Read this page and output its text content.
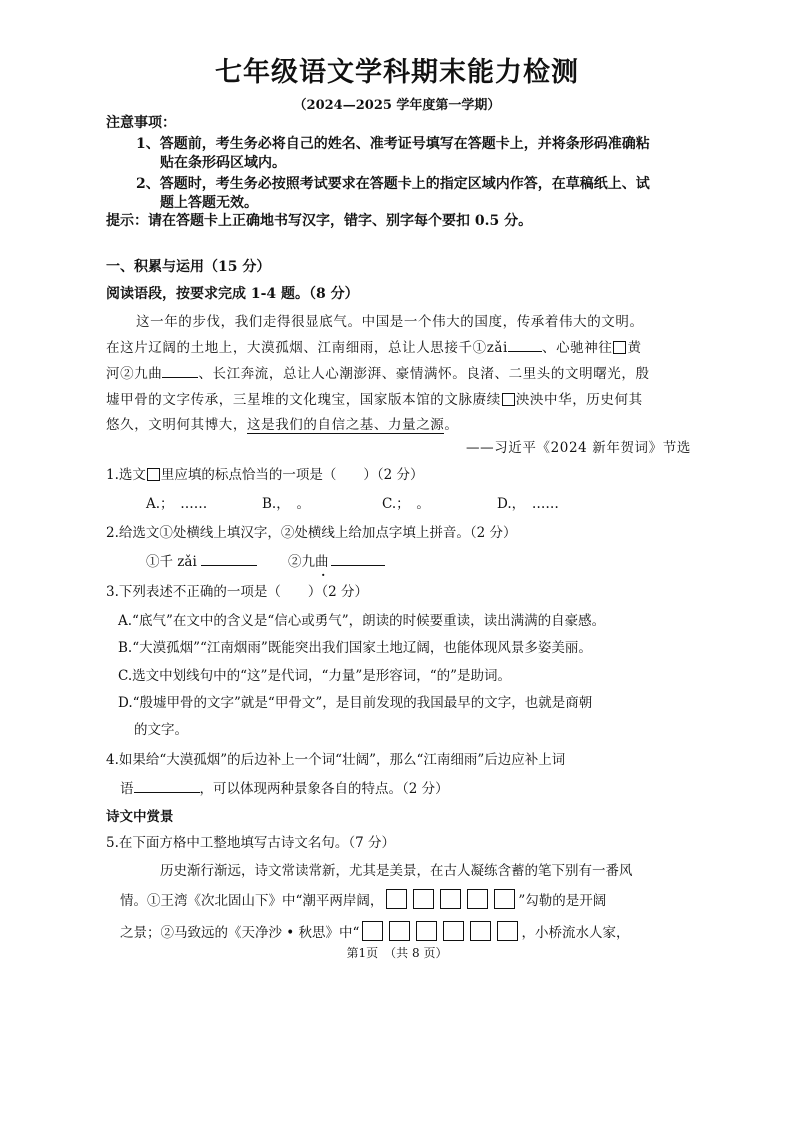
七年级语文学科期末能力检测
（2024—2025 学年度第一学期）
注意事项：
1、答题前，考生务必将自己的姓名、准考证号填写在答题卡上，并将条形码准确粘
贴在条形码区域内。
2、答题时，考生务必按照考试要求在答题卡上的指定区域内作答，在草稿纸上、试
题上答题无效。
提示：请在答题卡上正确地书写汉字，错字、别字每个要扣 0.5 分。
一、积累与运用（15 分）
阅读语段，按要求完成 1-4 题。（8 分）
这一年的步伐，我们走得很显底气。中国是一个伟大的国度，传承着伟大的文明。
在这片辽阔的土地上，大漠孤烟、江南细雨，总让人思接千①zǎi	、心驰神往 黄
河②九曲	、长江奔流，总让人心潮澎湃、豪情满怀。良渚、二里头的文明曙光，殷
墟甲骨的文字传承，三星堆的文化瑰宝，国家版本馆的文脉赓续 泱泱中华，历史何其
悠久，文明何其博大，这是我们的自信之基、力量之源。
——习近平《2024 新年贺词》节选
1.选文 里应填的标点恰当的一项是（　　）（2 分）
A.；　……	B.，　。	C.；　。	D.，　……
2.给选文①处横线上填汉字，②处横线上给加点字填上拼音。（2 分）
①千 zǎi	②九曲
3.下列表述不正确的一项是（　　）（2 分）
A.“底气”在文中的含义是“信心或勇气”，朗读的时候要重读，读出满满的自豪感。
B.“大漠孤烟”“江南烟雨”既能突出我们国家土地辽阔，也能体现风景多姿美丽。
C.选文中划线句中的“这”是代词，“力量”是形容词，“的”是助词。
D.“殷墟甲骨的文字”就是“甲骨文”，是目前发现的我国最早的文字，也就是商朝
的文字。
4.如果给“大漠孤烟”的后边补上一个词“壮阔”，那么“江南细雨”后边应补上词
语	，可以体现两种景象各自的特点。（2 分）
诗文中赏景
5.在下面方格中工整地填写古诗文名句。（7 分）
历史渐行渐远，诗文常读常新，尤其是美景，在古人凝练含蓄的笔下别有一番风
情。①王湾《次北固山下》中“潮平两岸阔，	”勾勒的是开阔
之景；②马致远的《天净沙 • 秋思》中“	，小桥流水人家，
第1页　（共 8 页）
